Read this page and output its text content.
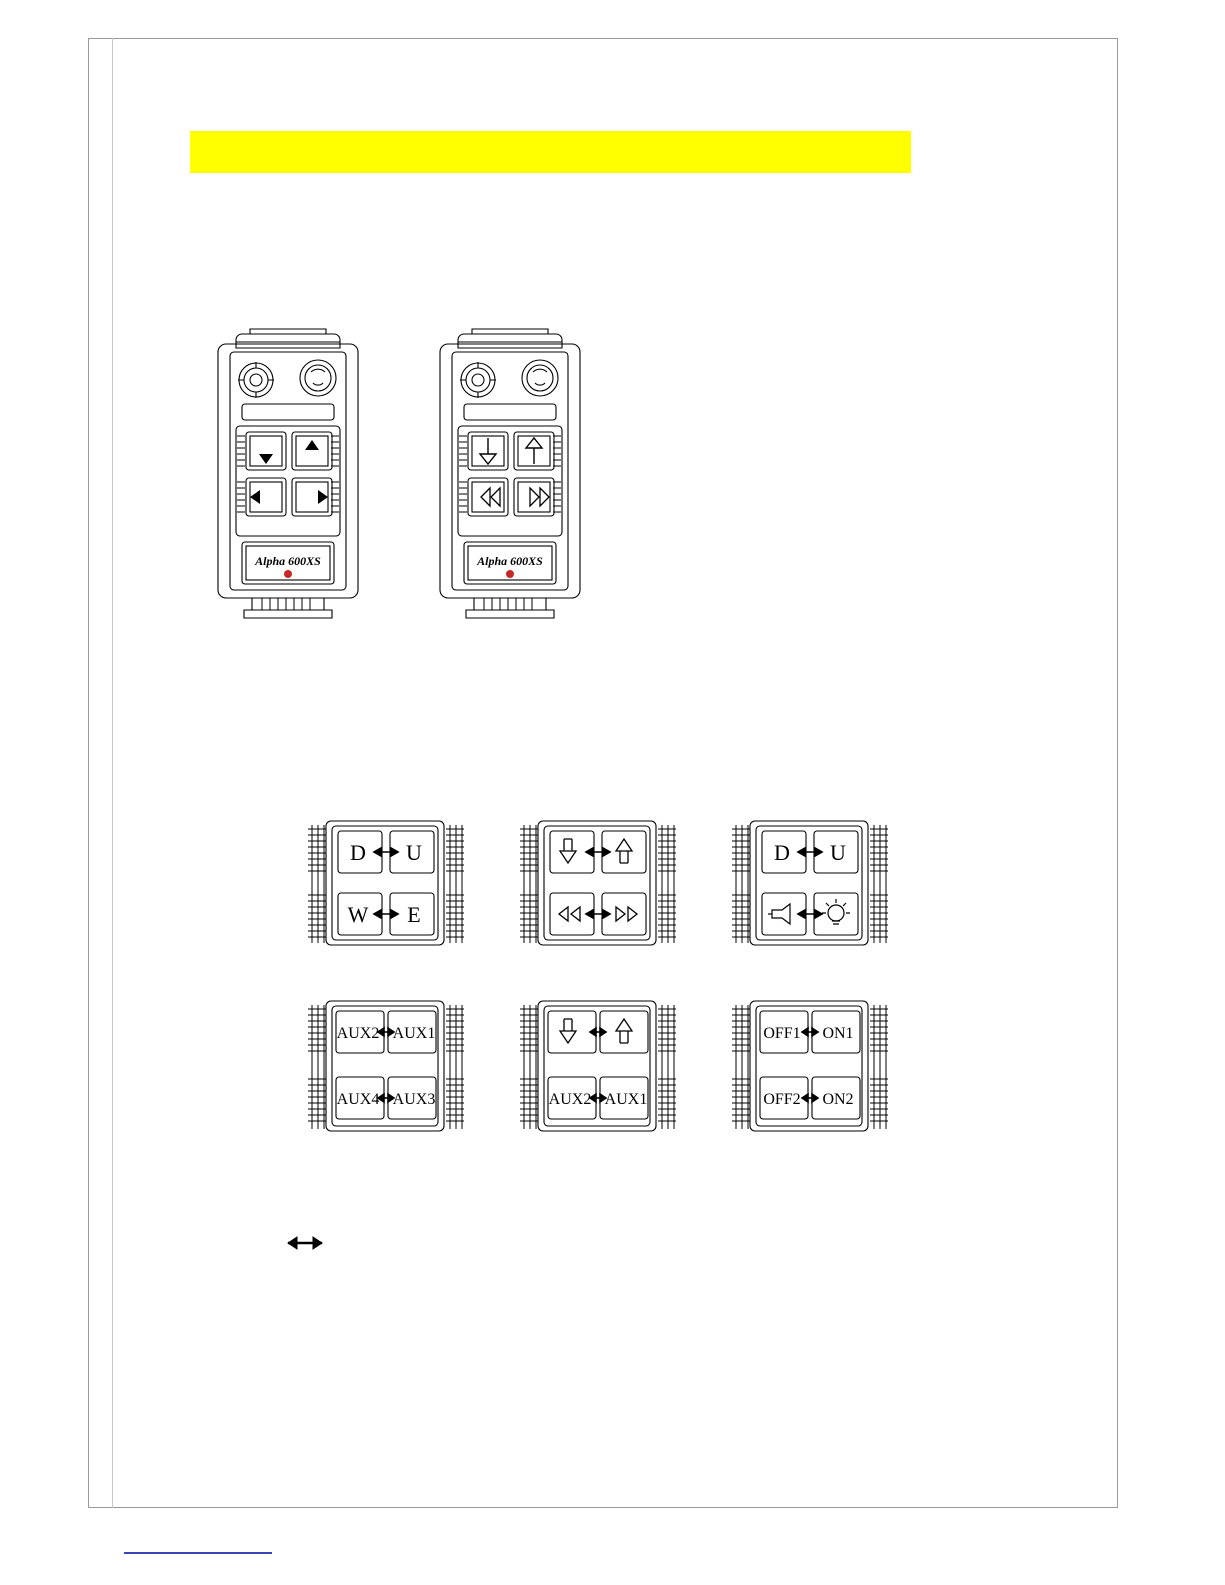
Alpha 600XS	Alpha 600XS
D U
W E
D U
AUX2 AUX1
AUX4 AUX3	AUX2 AUX1
OFF1 ON1
OFF2 ON2
